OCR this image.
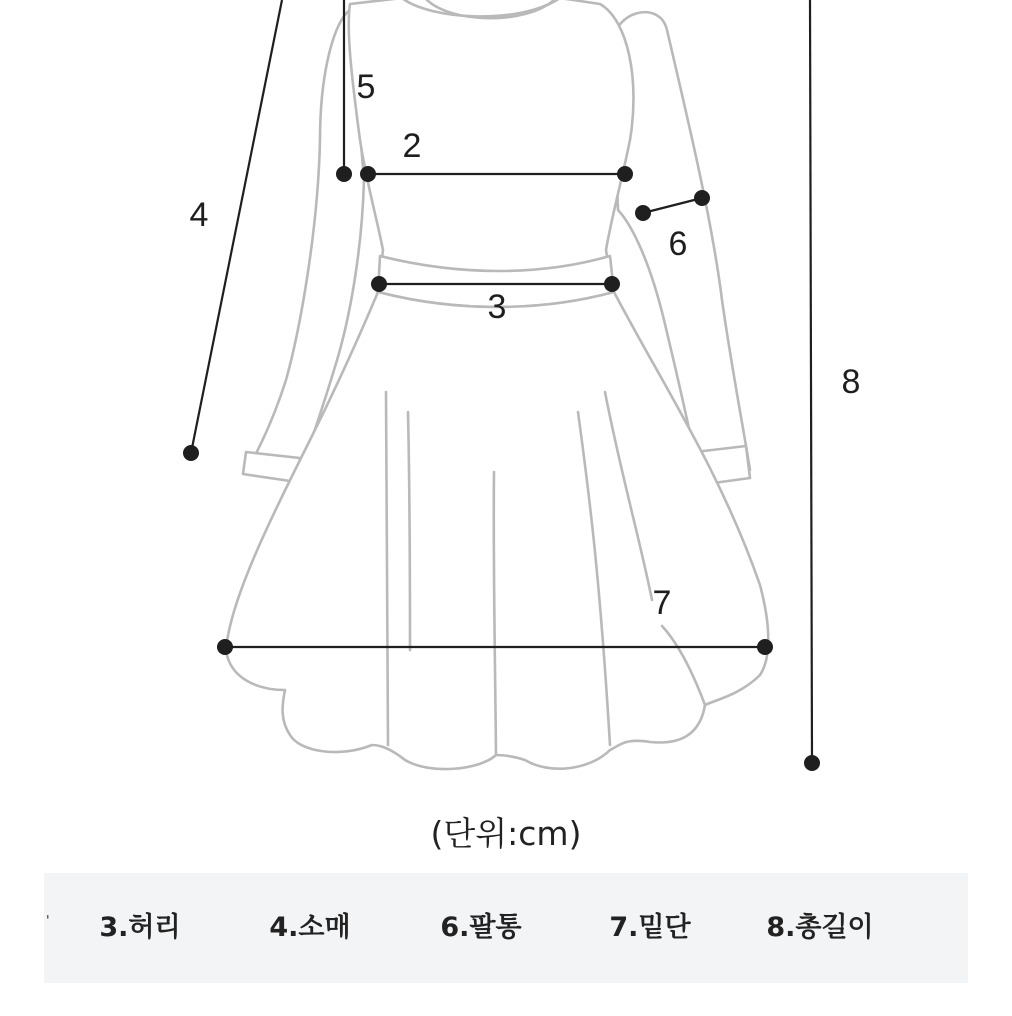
5
2
4
6
3
8
7
(단위:cm)
'	3.허리	4.소매	6.팔통	7.밑단	8.총길이
